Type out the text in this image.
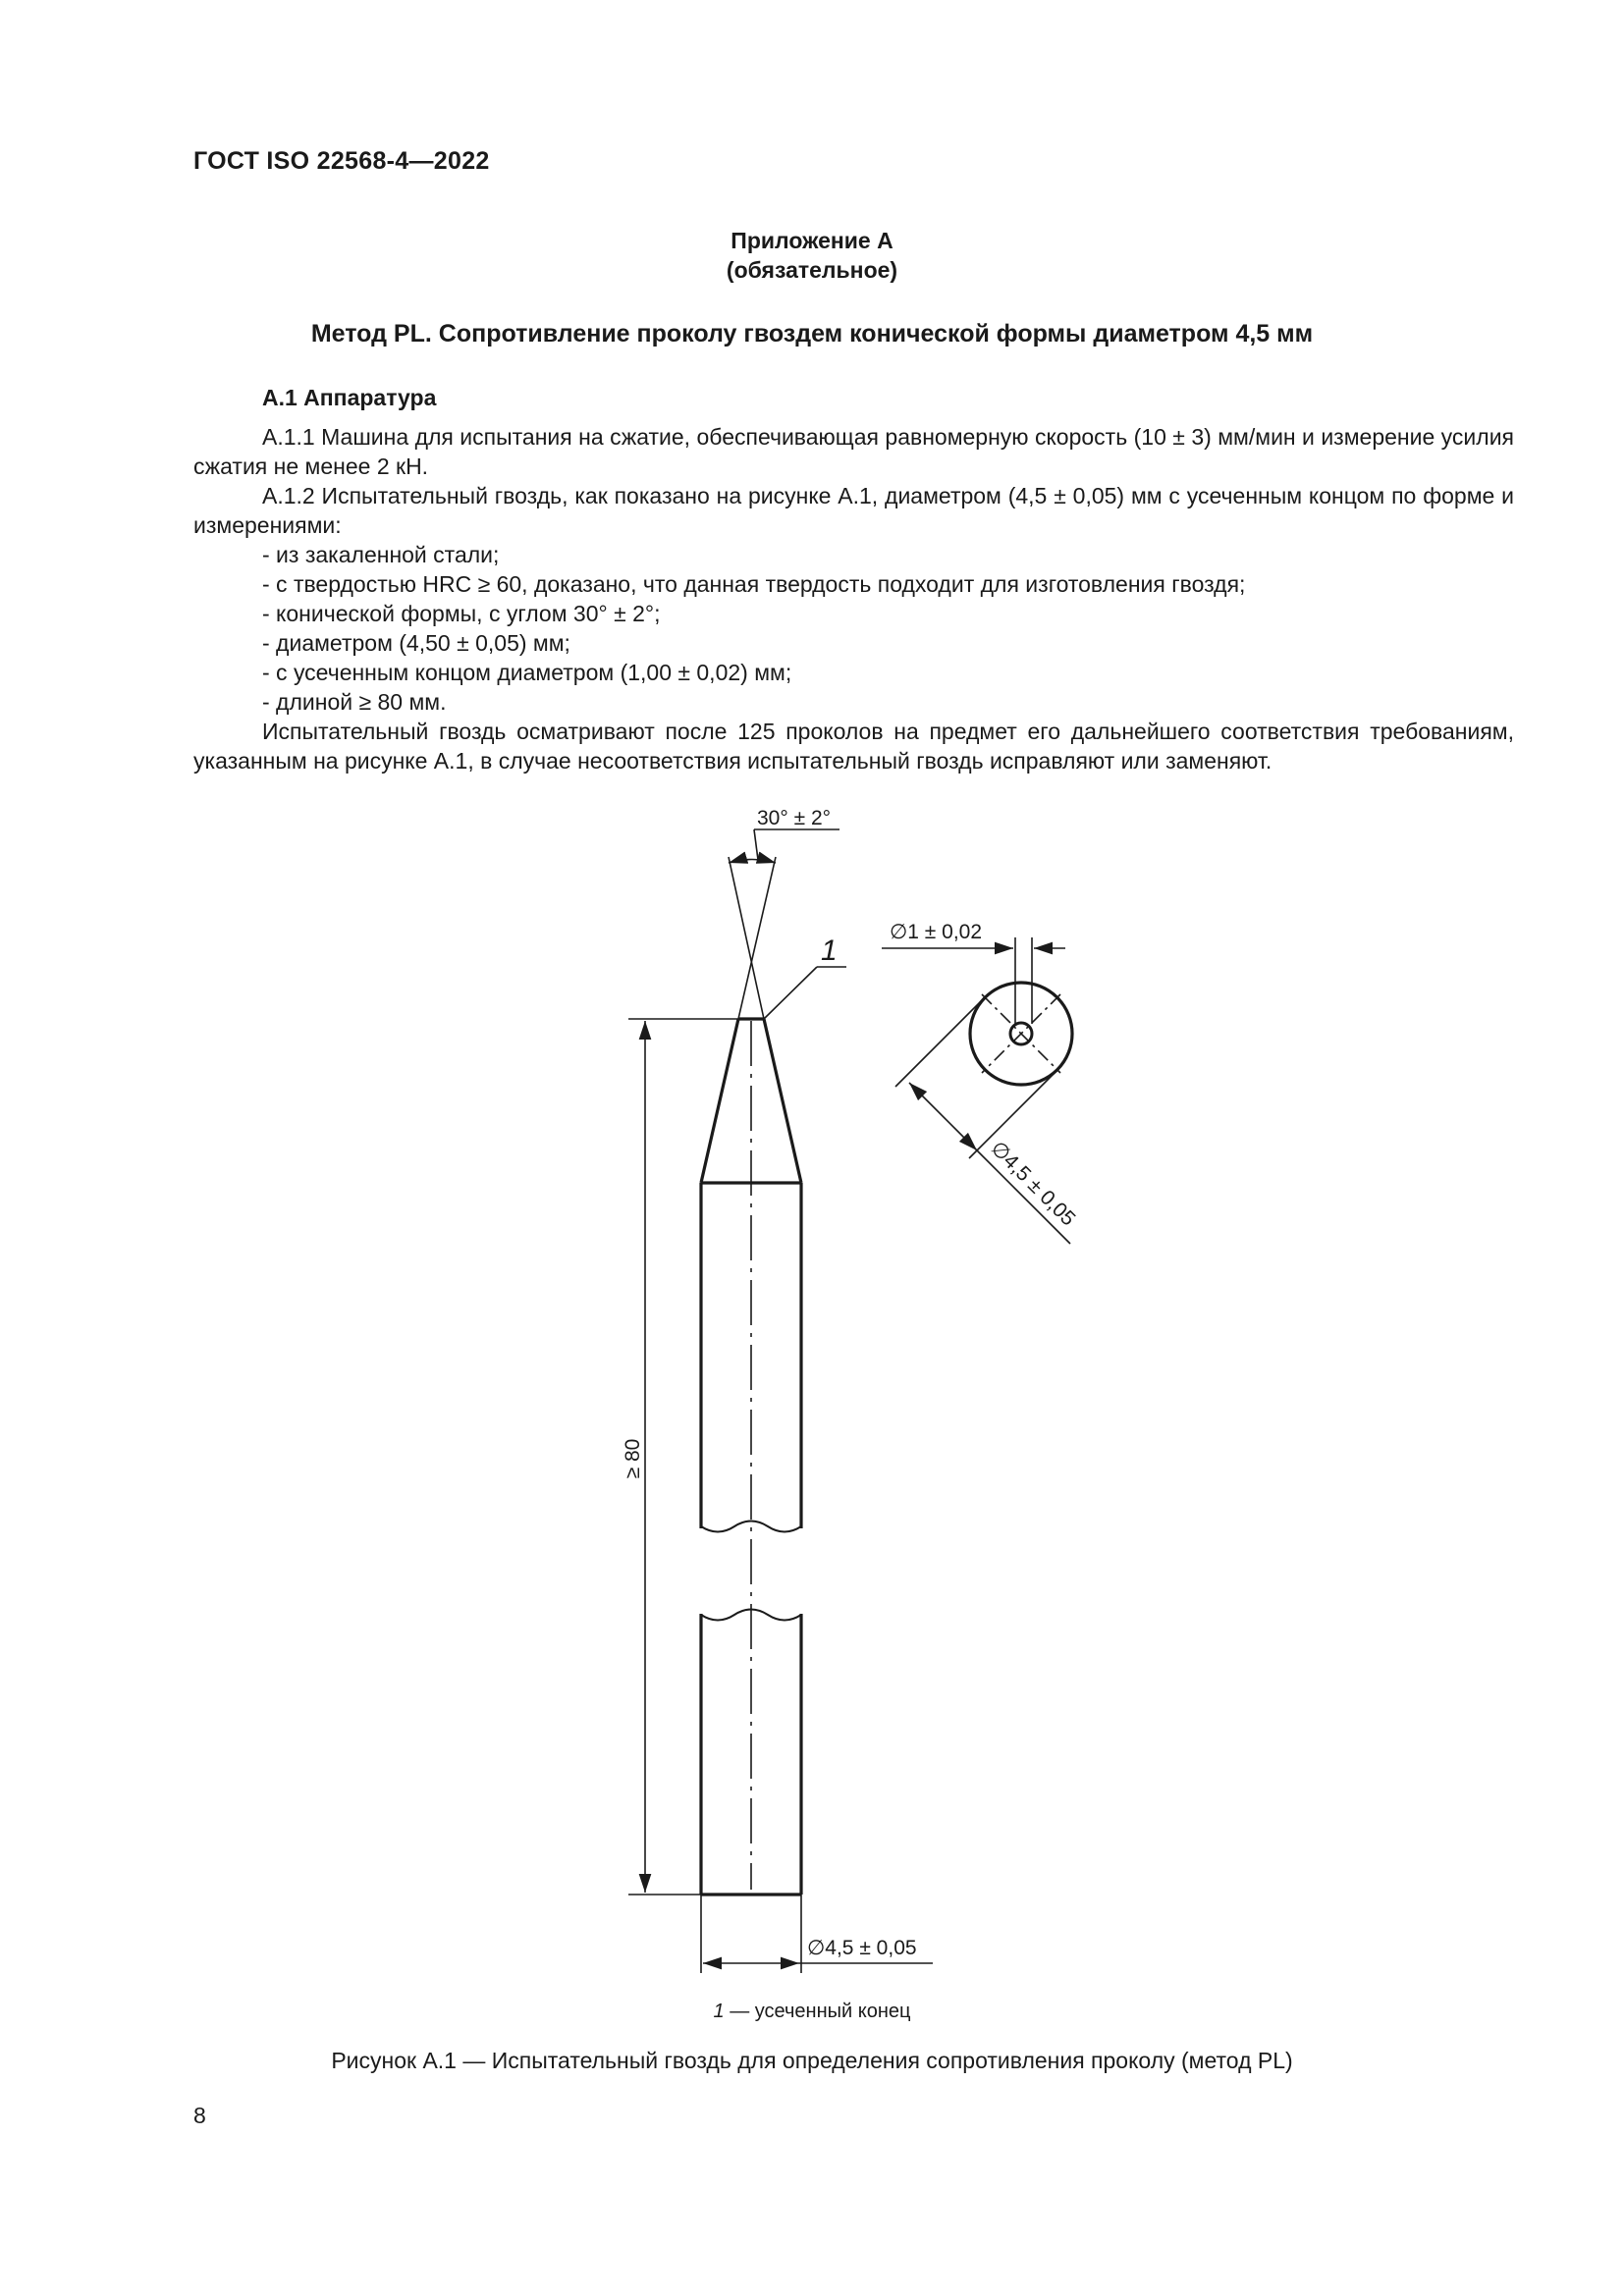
ГОСТ ISO 22568-4—2022
Приложение А
(обязательное)
Метод PL. Сопротивление проколу гвоздем конической формы диаметром 4,5 мм
А.1 Аппаратура
А.1.1 Машина для испытания на сжатие, обеспечивающая равномерную скорость (10 ± 3) мм/мин и измерение усилия сжатия не менее 2 кН.
А.1.2 Испытательный гвоздь, как показано на рисунке А.1, диаметром (4,5 ± 0,05) мм с усеченным концом по форме и измерениями:
- из закаленной стали;
- с твердостью HRC ≥ 60, доказано, что данная твердость подходит для изготовления гвоздя;
- конической формы, с углом 30° ± 2°;
- диаметром (4,50 ± 0,05) мм;
- с усеченным концом диаметром (1,00 ± 0,02) мм;
- длиной ≥ 80 мм.
Испытательный гвоздь осматривают после 125 проколов на предмет его дальнейшего соответствия требованиям, указанным на рисунке А.1, в случае несоответствия испытательный гвоздь исправляют или заменяют.
≥ 80
∅4,5 ± 0,05
1
∅1 ± 0,02
∅4,5 ± 0,05
30° ± 2°
1 — усеченный конец
Рисунок А.1 — Испытательный гвоздь для определения сопротивления проколу (метод PL)
8
